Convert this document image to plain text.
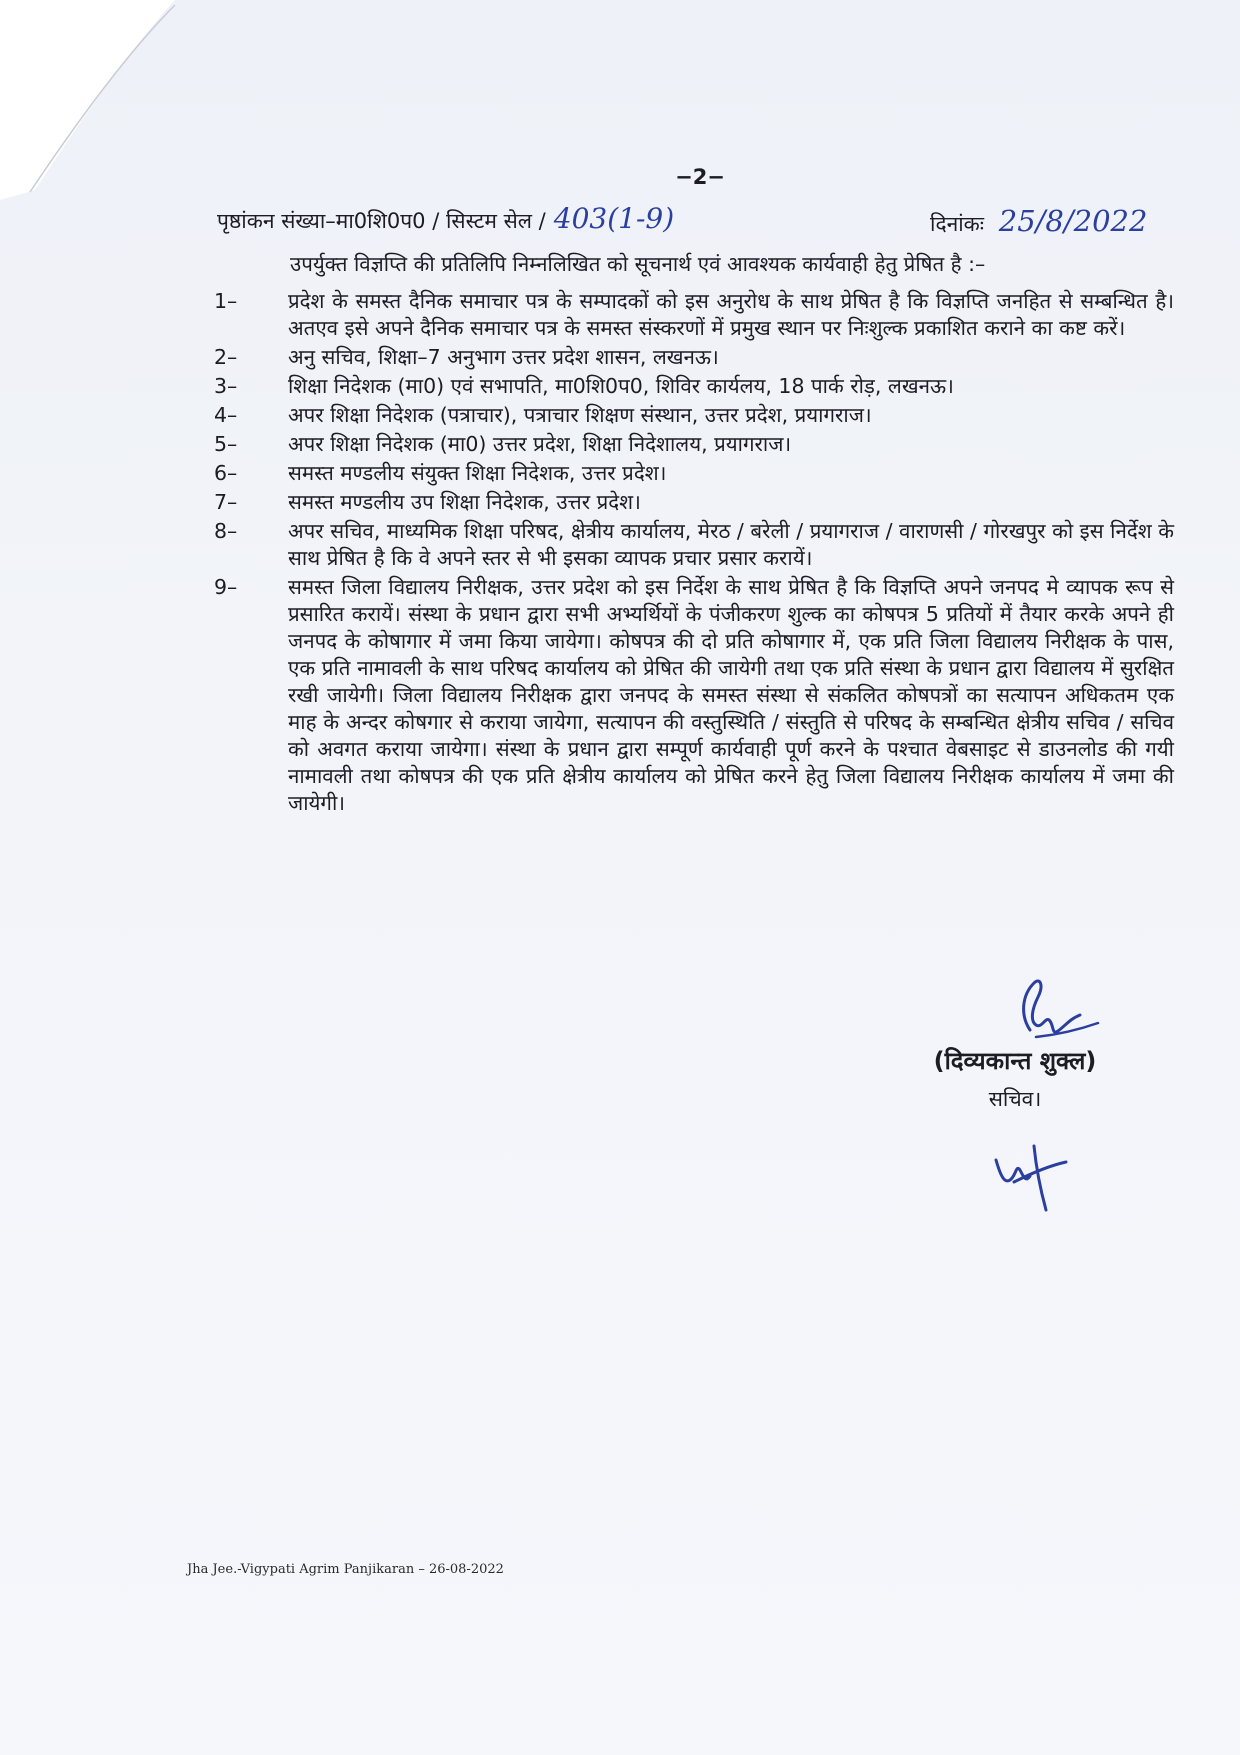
−2−
पृष्ठांकन संख्या–मा0शि0प0 / सिस्टम सेल / 403(1-9)	दिनांकः 25/8/2022
उपर्युक्त विज्ञप्ति की प्रतिलिपि निम्नलिखित को सूचनार्थ एवं आवश्यक कार्यवाही हेतु प्रेषित है :–
1–	प्रदेश के समस्त दैनिक समाचार पत्र के सम्पादकों को इस अनुरोध के साथ प्रेषित है कि विज्ञप्ति जनहित से सम्बन्धित है। अतएव इसे अपने दैनिक समाचार पत्र के समस्त संस्करणों में प्रमुख स्थान पर निःशुल्क प्रकाशित कराने का कष्ट करें।
2–	अनु सचिव, शिक्षा–7 अनुभाग उत्तर प्रदेश शासन, लखनऊ।
3–	शिक्षा निदेशक (मा0) एवं सभापति, मा0शि0प0, शिविर कार्यलय, 18 पार्क रोड़, लखनऊ।
4–	अपर शिक्षा निदेशक (पत्राचार), पत्राचार शिक्षण संस्थान, उत्तर प्रदेश, प्रयागराज।
5–	अपर शिक्षा निदेशक (मा0) उत्तर प्रदेश, शिक्षा निदेशालय, प्रयागराज।
6–	समस्त मण्डलीय संयुक्त शिक्षा निदेशक, उत्तर प्रदेश।
7–	समस्त मण्डलीय उप शिक्षा निदेशक, उत्तर प्रदेश।
8–	अपर सचिव, माध्यमिक शिक्षा परिषद, क्षेत्रीय कार्यालय, मेरठ / बरेली / प्रयागराज / वाराणसी / गोरखपुर को इस निर्देश के साथ प्रेषित है कि वे अपने स्तर से भी इसका व्यापक प्रचार प्रसार करायें।
9–	समस्त जिला विद्यालय निरीक्षक, उत्तर प्रदेश को इस निर्देश के साथ प्रेषित है कि विज्ञप्ति अपने जनपद मे व्यापक रूप से प्रसारित करायें। संस्था के प्रधान द्वारा सभी अभ्यर्थियों के पंजीकरण शुल्क का कोषपत्र 5 प्रतियों में तैयार करके अपने ही जनपद के कोषागार में जमा किया जायेगा। कोषपत्र की दो प्रति कोषागार में, एक प्रति जिला विद्यालय निरीक्षक के पास, एक प्रति नामावली के साथ परिषद कार्यालय को प्रेषित की जायेगी तथा एक प्रति संस्था के प्रधान द्वारा विद्यालय में सुरक्षित रखी जायेगी। जिला विद्यालय निरीक्षक द्वारा जनपद के समस्त संस्था से संकलित कोषपत्रों का सत्यापन अधिकतम एक माह के अन्दर कोषगार से कराया जायेगा, सत्यापन की वस्तुस्थिति / संस्तुति से परिषद के सम्बन्धित क्षेत्रीय सचिव / सचिव को अवगत कराया जायेगा। संस्था के प्रधान द्वारा सम्पूर्ण कार्यवाही पूर्ण करने के पश्चात वेबसाइट से डाउनलोड की गयी नामावली तथा कोषपत्र की एक प्रति क्षेत्रीय कार्यालय को प्रेषित करने हेतु जिला विद्यालय निरीक्षक कार्यालय में जमा की जायेगी।
(दिव्यकान्त शुक्ल)
सचिव।
Jha Jee.-Vigypati Agrim Panjikaran – 26-08-2022
